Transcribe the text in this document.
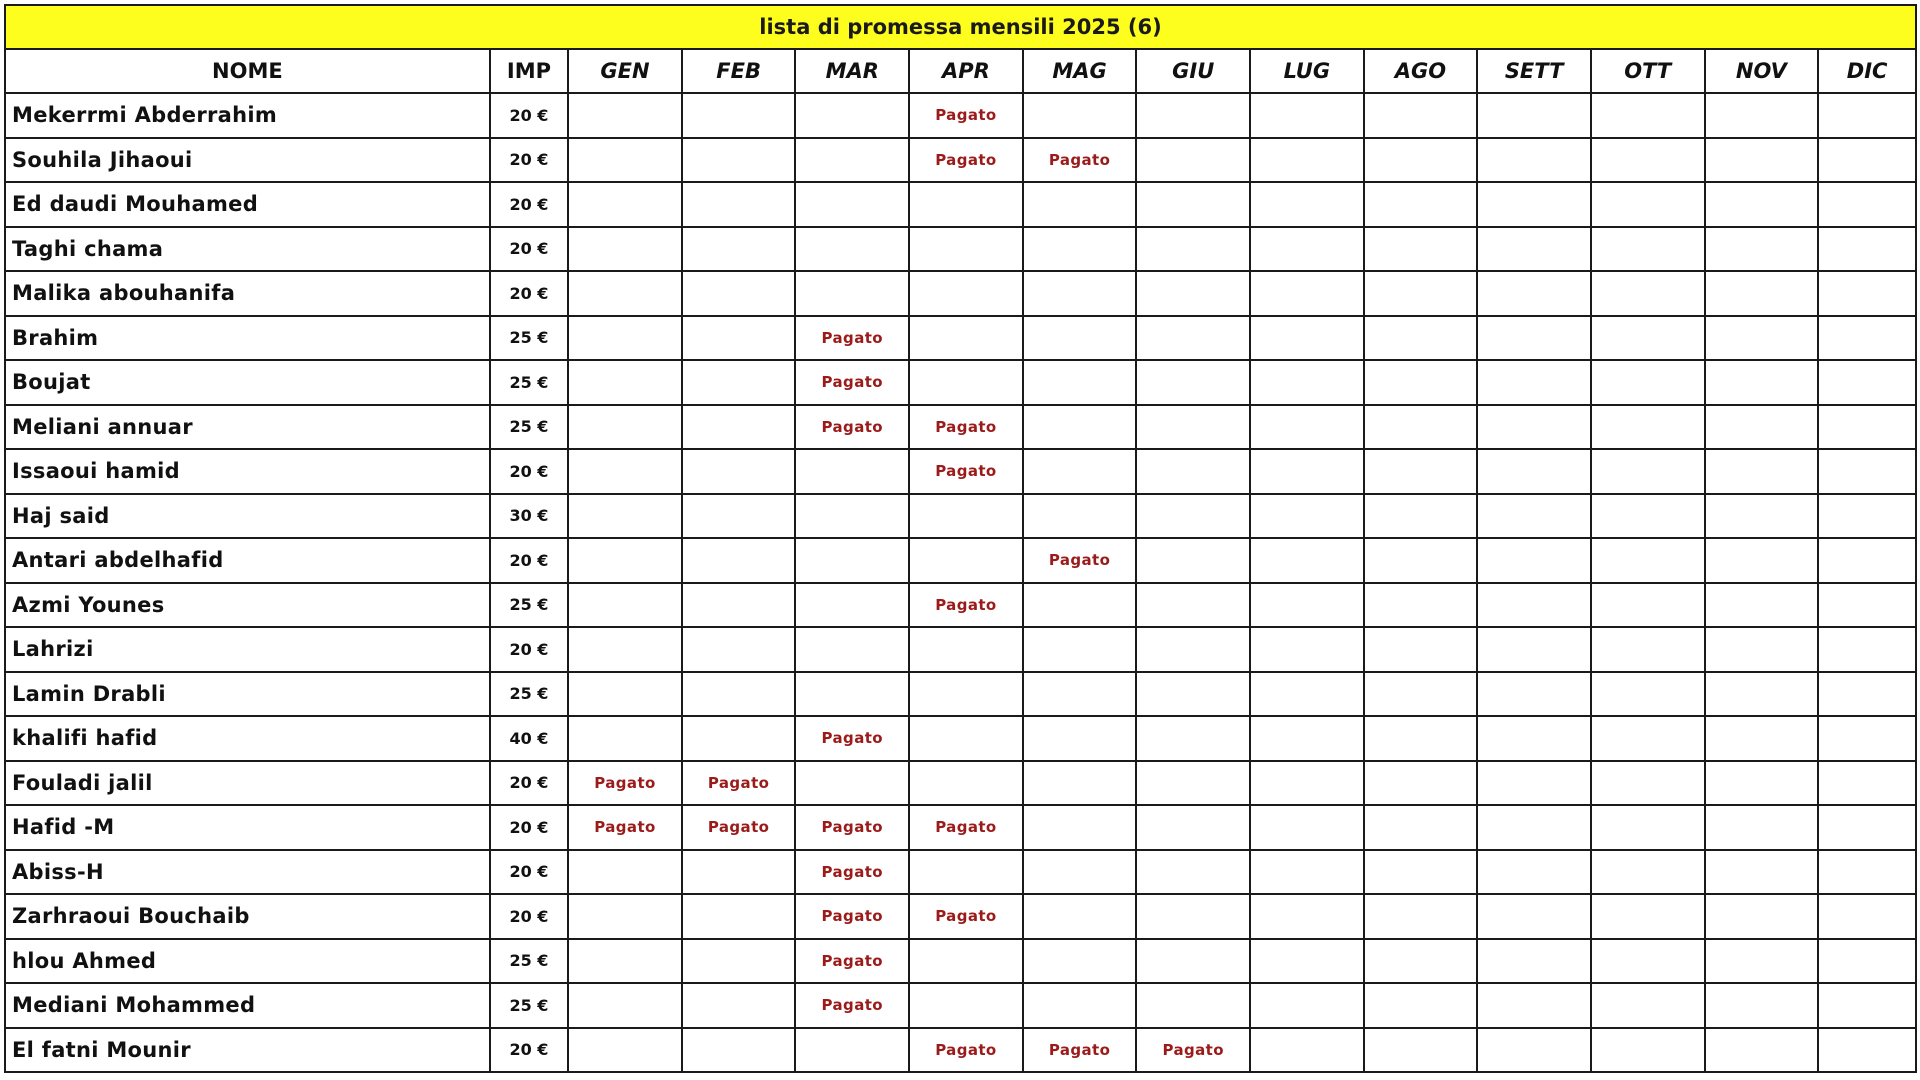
lista di promessa mensili 2025 (6)													
NOME	IMP	GEN	FEB	MAR	APR	MAG	GIU	LUG	AGO	SETT	OTT	NOV	DIC
Mekerrmi Abderrahim	20 €				Pagato								
Souhila Jihaoui	20 €				Pagato	Pagato							
Ed daudi Mouhamed	20 €												
Taghi chama	20 €												
Malika abouhanifa	20 €												
Brahim	25 €			Pagato									
Boujat	25 €			Pagato									
Meliani annuar	25 €			Pagato	Pagato								
Issaoui hamid	20 €				Pagato								
Haj said	30 €												
Antari abdelhafid	20 €					Pagato							
Azmi Younes	25 €				Pagato								
Lahrizi	20 €												
Lamin Drabli	25 €												
khalifi hafid	40 €			Pagato									
Fouladi jalil	20 €	Pagato	Pagato										
Hafid -M	20 €	Pagato	Pagato	Pagato	Pagato								
Abiss-H	20 €			Pagato									
Zarhraoui Bouchaib	20 €			Pagato	Pagato								
hlou Ahmed	25 €			Pagato									
Mediani Mohammed	25 €			Pagato									
El fatni Mounir	20 €				Pagato	Pagato	Pagato						
